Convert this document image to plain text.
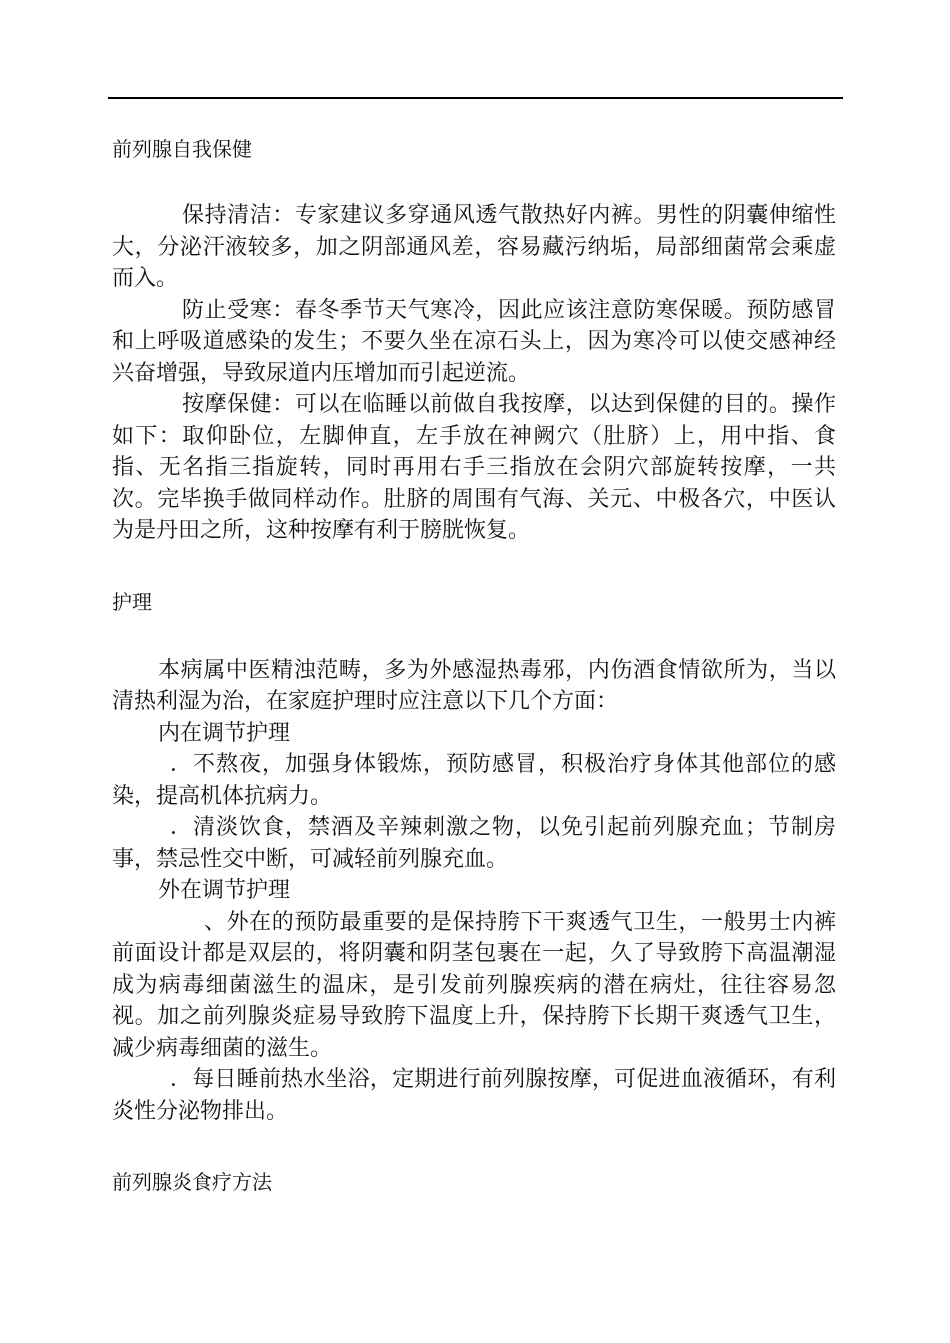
前列腺自我保健

保持清洁：专家建议多穿通风透气散热好内裤。男性的阴囊伸缩性大，分泌汗液较多，加之阴部通风差，容易藏污纳垢，局部细菌常会乘虚而入。

防止受寒：春冬季节天气寒冷，因此应该注意防寒保暖。预防感冒和上呼吸道感染的发生；不要久坐在凉石头上，因为寒冷可以使交感神经兴奋增强，导致尿道内压增加而引起逆流。

按摩保健：可以在临睡以前做自我按摩，以达到保健的目的。操作如下：取仰卧位，左脚伸直，左手放在神阙穴（肚脐）上，用中指、食指、无名指三指旋转，同时再用右手三指放在会阴穴部旋转按摩，一共　　次。完毕换手做同样动作。肚脐的周围有气海、关元、中极各穴，中医认为是丹田之所，这种按摩有利于膀胱恢复。

护理

本病属中医精浊范畴，多为外感湿热毒邪，内伤酒食情欲所为，当以清热利湿为治，在家庭护理时应注意以下几个方面：

内在调节护理

．不熬夜，加强身体锻炼，预防感冒，积极治疗身体其他部位的感染，提高机体抗病力。

．清淡饮食，禁酒及辛辣刺激之物，以免引起前列腺充血；节制房事，禁忌性交中断，可减轻前列腺充血。

外在调节护理

、外在的预防最重要的是保持胯下干爽透气卫生，一般男士内裤前面设计都是双层的，将阴囊和阴茎包裹在一起，久了导致胯下高温潮湿成为病毒细菌滋生的温床，是引发前列腺疾病的潜在病灶，往往容易忽视。加之前列腺炎症易导致胯下温度上升，保持胯下长期干爽透气卫生，减少病毒细菌的滋生。

．每日睡前热水坐浴，定期进行前列腺按摩，可促进血液循环，有利炎性分泌物排出。

前列腺炎食疗方法
